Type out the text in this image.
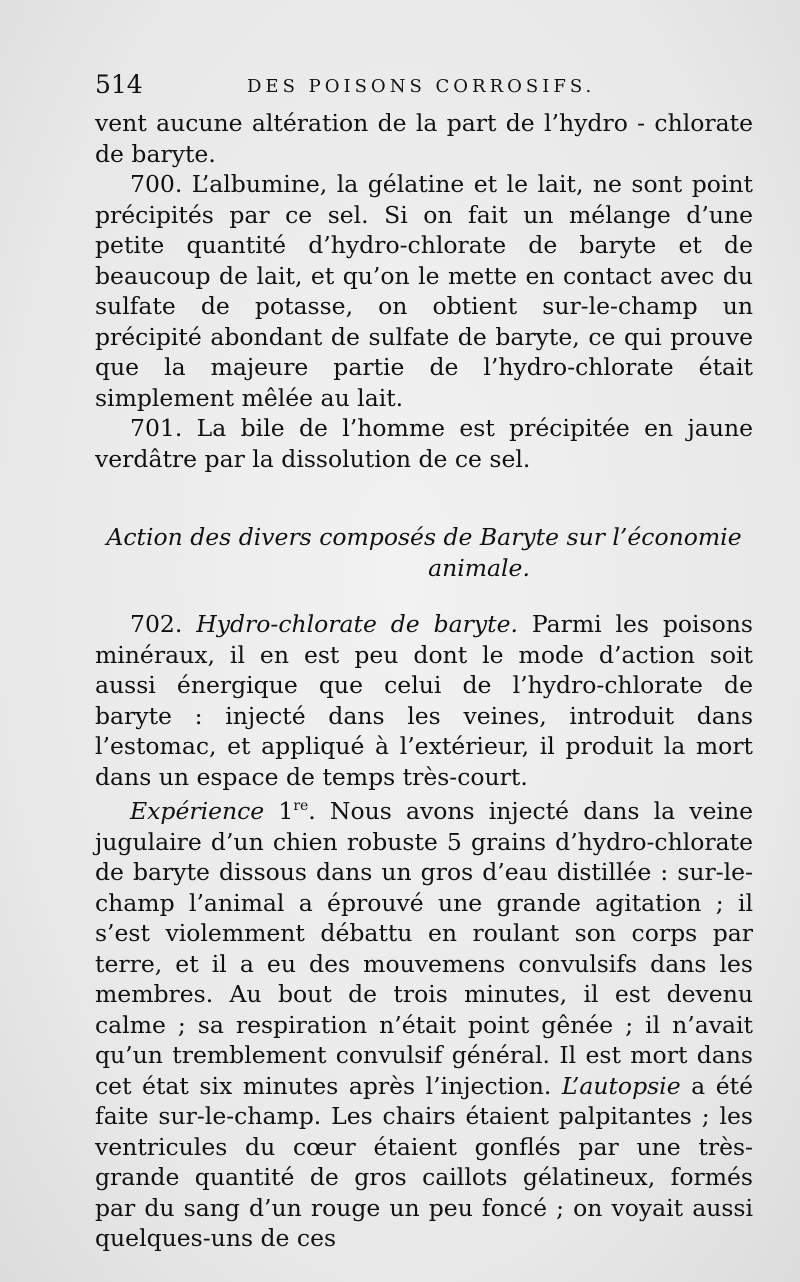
514	DES POISONS CORROSIFS.

vent aucune altération de la part de l’hydro - chlorate de baryte.

700. L’albumine, la gélatine et le lait, ne sont point précipités par ce sel. Si on fait un mélange d’une petite quantité d’hydro-chlorate de baryte et de beaucoup de lait, et qu’on le mette en contact avec du sulfate de potasse, on obtient sur-le-champ un précipité abondant de sulfate de baryte, ce qui prouve que la majeure partie de l’hydro-chlorate était simplement mêlée au lait.

701. La bile de l’homme est précipitée en jaune verdâtre par la dissolution de ce sel.

Action des divers composés de Baryte sur l’économie
animale.

702. Hydro-chlorate de baryte. Parmi les poisons minéraux, il en est peu dont le mode d’action soit aussi énergique que celui de l’hydro-chlorate de baryte : injecté dans les veines, introduit dans l’estomac, et appliqué à l’extérieur, il produit la mort dans un espace de temps très-court.

Expérience 1re. Nous avons injecté dans la veine jugulaire d’un chien robuste 5 grains d’hydro-chlorate de baryte dissous dans un gros d’eau distillée : sur-le-champ l’animal a éprouvé une grande agitation ; il s’est violemment débattu en roulant son corps par terre, et il a eu des mouvemens convulsifs dans les membres. Au bout de trois minutes, il est devenu calme ; sa respiration n’était point gênée ; il n’avait qu’un tremblement convulsif général. Il est mort dans cet état six minutes après l’injection. L’autopsie a été faite sur-le-champ. Les chairs étaient palpitantes ; les ventricules du cœur étaient gonflés par une très-grande quantité de gros caillots gélatineux, formés par du sang d’un rouge un peu foncé ; on voyait aussi quelques-uns de ces
